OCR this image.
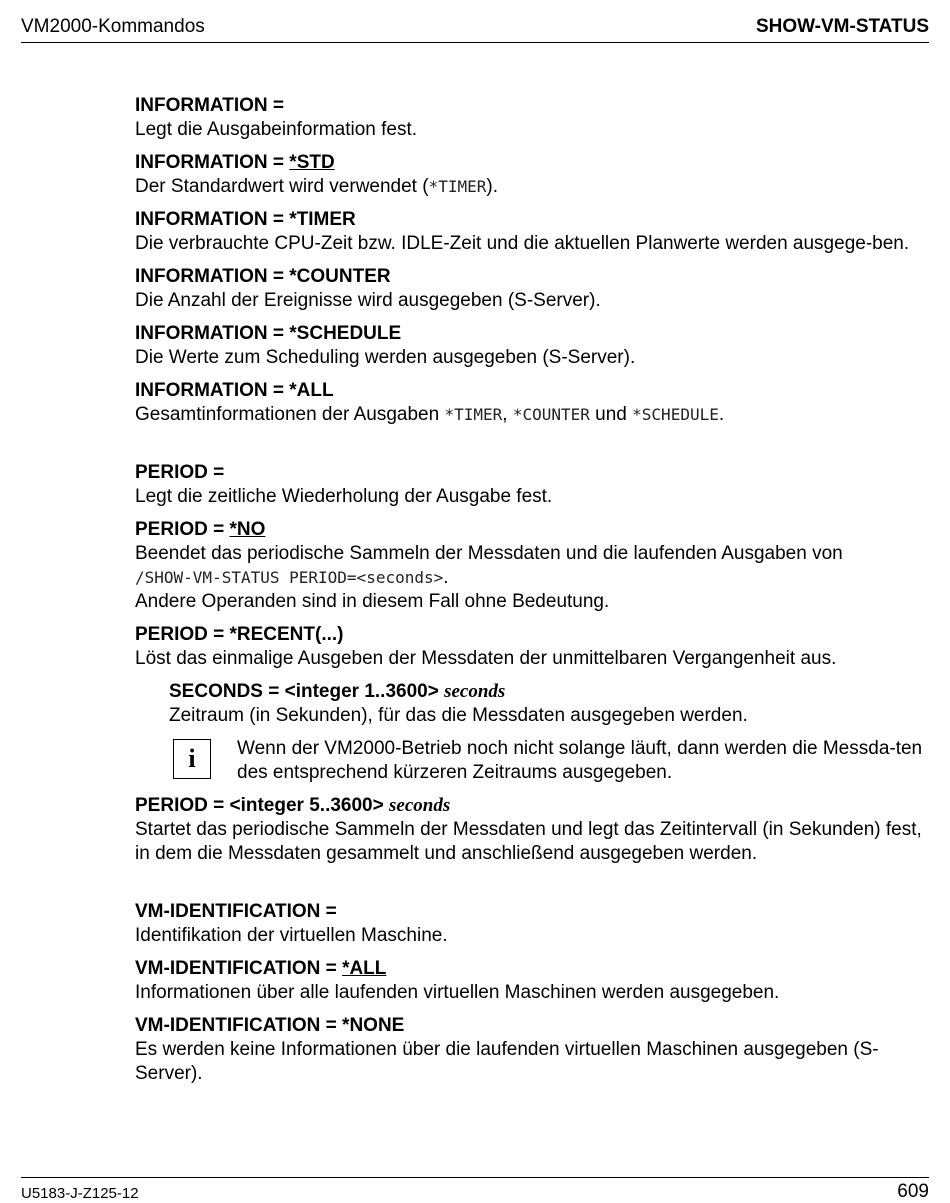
VM2000-Kommandos	SHOW-VM-STATUS
INFORMATION =
Legt die Ausgabeinformation fest.
INFORMATION = *STD
Der Standardwert wird verwendet (*TIMER).
INFORMATION = *TIMER
Die verbrauchte CPU-Zeit bzw. IDLE-Zeit und die aktuellen Planwerte werden ausgege-ben.
INFORMATION = *COUNTER
Die Anzahl der Ereignisse wird ausgegeben (S-Server).
INFORMATION = *SCHEDULE
Die Werte zum Scheduling werden ausgegeben (S-Server).
INFORMATION = *ALL
Gesamtinformationen der Ausgaben *TIMER, *COUNTER und *SCHEDULE.
PERIOD =
Legt die zeitliche Wiederholung der Ausgabe fest.
PERIOD = *NO
Beendet das periodische Sammeln der Messdaten und die laufenden Ausgaben von
/SHOW-VM-STATUS PERIOD=<seconds>.
Andere Operanden sind in diesem Fall ohne Bedeutung.
PERIOD = *RECENT(...)
Löst das einmalige Ausgeben der Messdaten der unmittelbaren Vergangenheit aus.
SECONDS = <integer 1..3600> seconds
Zeitraum (in Sekunden), für das die Messdaten ausgegeben werden.
i	Wenn der VM2000-Betrieb noch nicht solange läuft, dann werden die Messda-ten des entsprechend kürzeren Zeitraums ausgegeben.
PERIOD = <integer 5..3600> seconds
Startet das periodische Sammeln der Messdaten und legt das Zeitintervall (in Sekunden) fest, in dem die Messdaten gesammelt und anschließend ausgegeben werden.
VM-IDENTIFICATION =
Identifikation der virtuellen Maschine.
VM-IDENTIFICATION = *ALL
Informationen über alle laufenden virtuellen Maschinen werden ausgegeben.
VM-IDENTIFICATION = *NONE
Es werden keine Informationen über die laufenden virtuellen Maschinen ausgegeben (S-Server).
U5183-J-Z125-12	609
